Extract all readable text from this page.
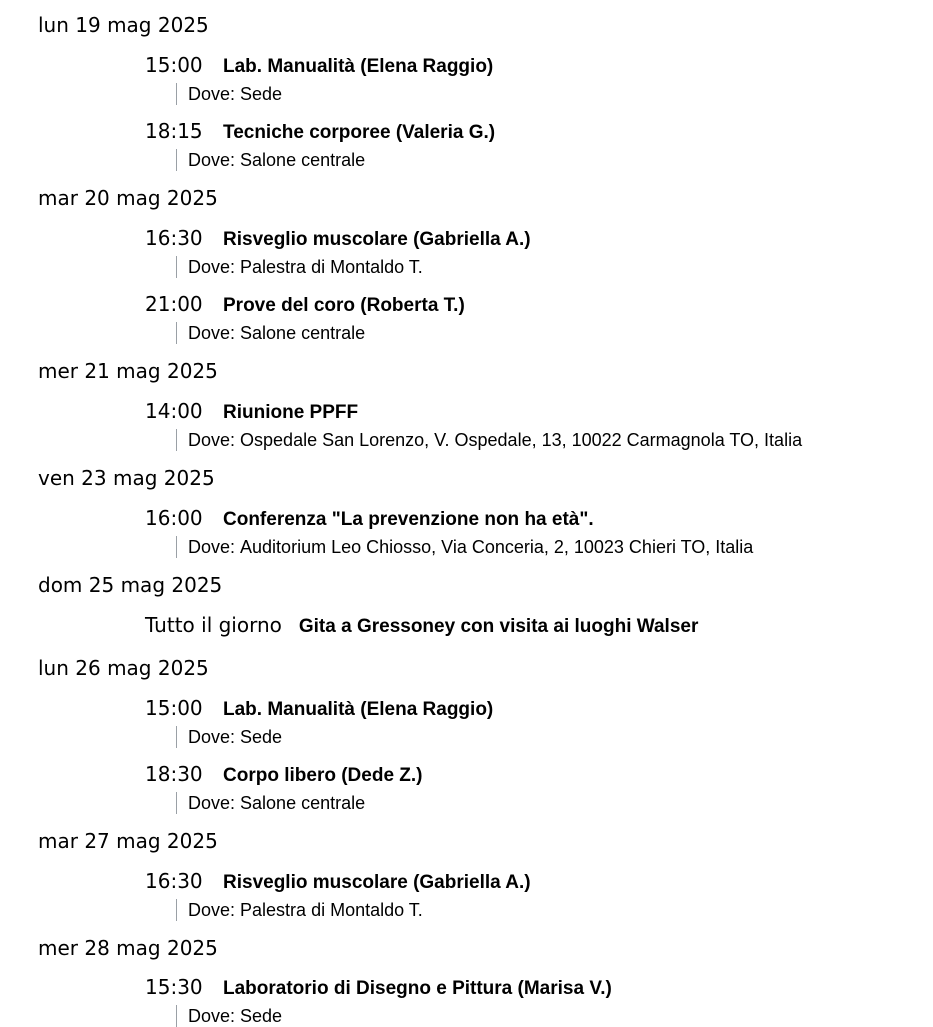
lun 19 mag 2025
15:00	Lab. Manualità (Elena Raggio)
Dove: Sede
18:15	Tecniche corporee (Valeria G.)
Dove: Salone centrale
mar 20 mag 2025
16:30	Risveglio muscolare (Gabriella A.)
Dove: Palestra di Montaldo T.
21:00	Prove del coro (Roberta T.)
Dove: Salone centrale
mer 21 mag 2025
14:00	Riunione PPFF
Dove: Ospedale San Lorenzo, V. Ospedale, 13, 10022 Carmagnola TO, Italia
ven 23 mag 2025
16:00	Conferenza "La prevenzione non ha età".
Dove: Auditorium Leo Chiosso, Via Conceria, 2, 10023 Chieri TO, Italia
dom 25 mag 2025
Tutto il giorno Gita a Gressoney con visita ai luoghi Walser
lun 26 mag 2025
15:00	Lab. Manualità (Elena Raggio)
Dove: Sede
18:30	Corpo libero (Dede Z.)
Dove: Salone centrale
mar 27 mag 2025
16:30	Risveglio muscolare (Gabriella A.)
Dove: Palestra di Montaldo T.
mer 28 mag 2025
15:30	Laboratorio di Disegno e Pittura (Marisa V.)
Dove: Sede
